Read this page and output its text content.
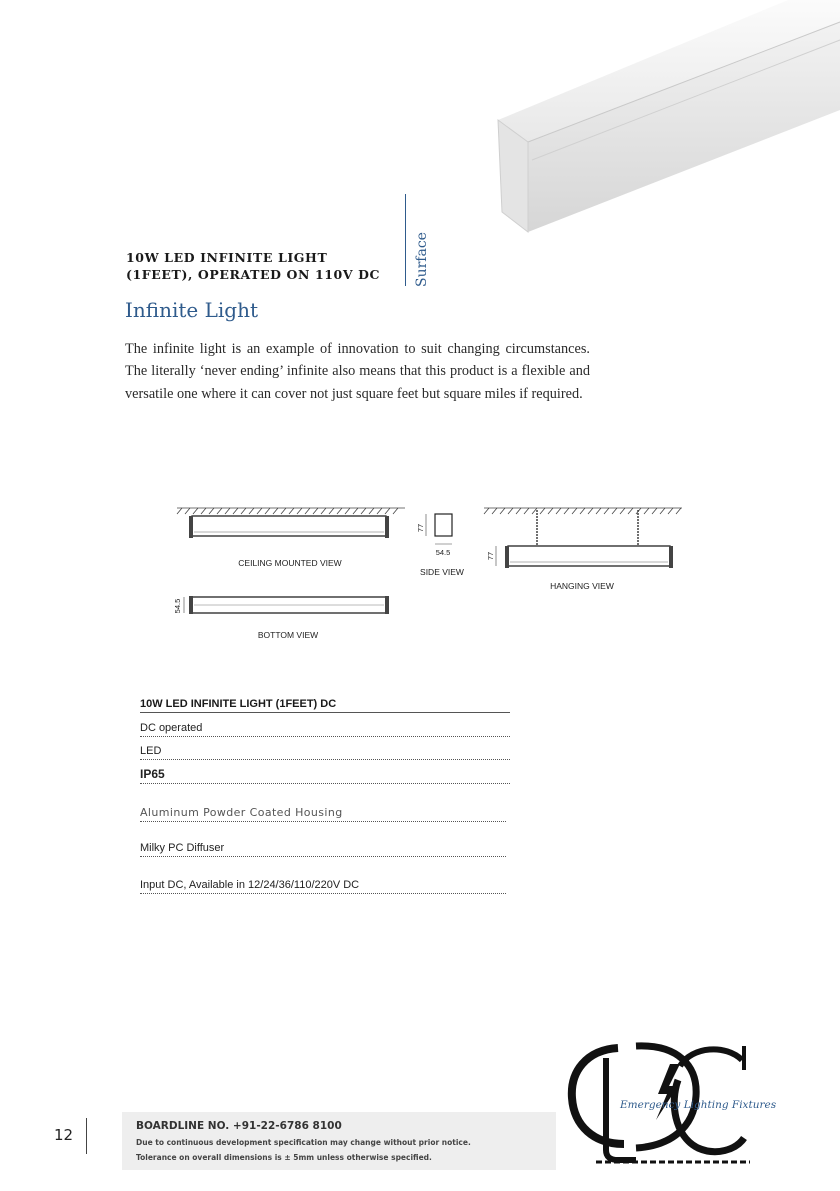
10W LED INFINITE LIGHT
(1FEET), OPERATED ON 110V DC	Surface
Infinite Light

The infinite light is an example of innovation to suit changing circumstances. The literally ‘never ending’ infinite also means that this product is a flexible and versatile one where it can cover not just square feet but square miles if required.

CEILING MOUNTED VIEW
77
54.5
SIDE VIEW
77
HANGING VIEW
54.5
BOTTOM VIEW
10W LED INFINITE LIGHT (1FEET) DC
DC operated
LED
IP65
Aluminum Powder Coated Housing
Milky PC Diffuser
Input DC, Available in 12/24/36/110/220V DC
12	BOARDLINE NO. +91-22-6786 8100
Due to continuous development specification may change without prior notice.
Tolerance on overall dimensions is ± 5mm unless otherwise specified.
Emergency Lighting Fixtures
